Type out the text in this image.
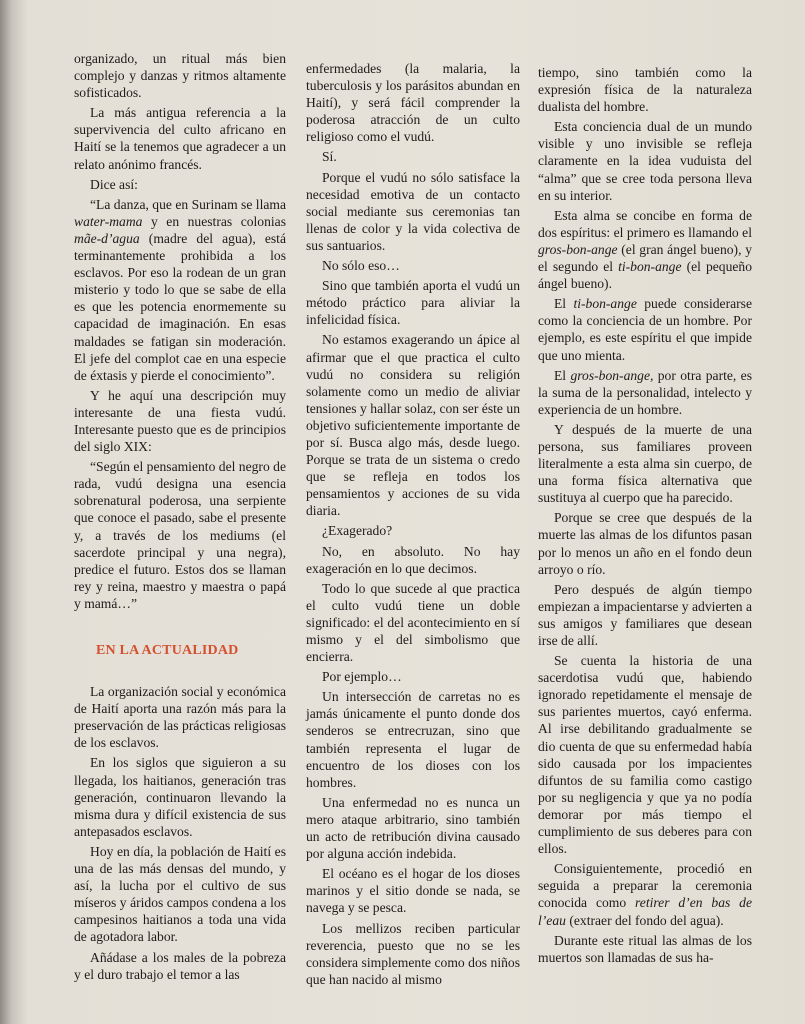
organizado, un ritual más bien complejo y danzas y ritmos altamente sofisticados.

La más antigua referencia a la supervivencia del culto africano en Haití se la tenemos que agradecer a un relato anónimo francés.

Dice así:

“La danza, que en Surinam se llama water-mama y en nuestras colonias mãe-d’agua (madre del agua), está terminantemente prohibida a los esclavos. Por eso la rodean de un gran misterio y todo lo que se sabe de ella es que les potencia enormemente su capacidad de imaginación. En esas maldades se fatigan sin moderación. El jefe del complot cae en una especie de éxtasis y pierde el conocimiento”.

Y he aquí una descripción muy interesante de una fiesta vudú. Interesante puesto que es de principios del siglo XIX:

“Según el pensamiento del negro de rada, vudú designa una esencia sobrenatural poderosa, una serpiente que conoce el pasado, sabe el presente y, a través de los mediums (el sacerdote principal y una negra), predice el futuro. Estos dos se llaman rey y reina, maestro y maestra o papá y mamá…”

EN LA ACTUALIDAD

La organización social y económica de Haití aporta una razón más para la preservación de las prácticas religiosas de los esclavos.

En los siglos que siguieron a su llegada, los haitianos, generación tras generación, continuaron llevando la misma dura y difícil existencia de sus antepasados esclavos.

Hoy en día, la población de Haití es una de las más densas del mundo, y así, la lucha por el cultivo de sus míseros y áridos campos condena a los campesinos haitianos a toda una vida de agotadora labor.

Añádase a los males de la pobreza y el duro trabajo el temor a las

enfermedades (la malaria, la tuberculosis y los parásitos abundan en Haití), y será fácil comprender la poderosa atracción de un culto religioso como el vudú.

Sí.

Porque el vudú no sólo satisface la necesidad emotiva de un contacto social mediante sus ceremonias tan llenas de color y la vida colectiva de sus santuarios.

No sólo eso…

Sino que también aporta el vudú un método práctico para aliviar la infelicidad física.

No estamos exagerando un ápice al afirmar que el que practica el culto vudú no considera su religión solamente como un medio de aliviar tensiones y hallar solaz, con ser éste un objetivo suficientemente importante de por sí. Busca algo más, desde luego. Porque se trata de un sistema o credo que se refleja en todos los pensamientos y acciones de su vida diaria.

¿Exagerado?

No, en absoluto. No hay exageración en lo que decimos.

Todo lo que sucede al que practica el culto vudú tiene un doble significado: el del acontecimiento en sí mismo y el del simbolismo que encierra.

Por ejemplo…

Un intersección de carretas no es jamás únicamente el punto donde dos senderos se entrecruzan, sino que también representa el lugar de encuentro de los dioses con los hombres.

Una enfermedad no es nunca un mero ataque arbitrario, sino también un acto de retribución divina causado por alguna acción indebida.

El océano es el hogar de los dioses marinos y el sitio donde se nada, se navega y se pesca.

Los mellizos reciben particular reverencia, puesto que no se les considera simplemente como dos niños que han nacido al mismo

tiempo, sino también como la expresión física de la naturaleza dualista del hombre.

Esta conciencia dual de un mundo visible y uno invisible se refleja claramente en la idea vuduista del “alma” que se cree toda persona lleva en su interior.

Esta alma se concibe en forma de dos espíritus: el primero es llamando el gros-bon-ange (el gran ángel bueno), y el segundo el ti-bon-ange (el pequeño ángel bueno).

El ti-bon-ange puede considerarse como la conciencia de un hombre. Por ejemplo, es este espíritu el que impide que uno mienta.

El gros-bon-ange, por otra parte, es la suma de la personalidad, intelecto y experiencia de un hombre.

Y después de la muerte de una persona, sus familiares proveen literalmente a esta alma sin cuerpo, de una forma física alternativa que sustituya al cuerpo que ha parecido.

Porque se cree que después de la muerte las almas de los difuntos pasan por lo menos un año en el fondo deun arroyo o río.

Pero después de algún tiempo empiezan a impacientarse y advierten a sus amigos y familiares que desean irse de allí.

Se cuenta la historia de una sacerdotisa vudú que, habiendo ignorado repetidamente el mensaje de sus parientes muertos, cayó enferma. Al irse debilitando gradualmente se dio cuenta de que su enfermedad había sido causada por los impacientes difuntos de su familia como castigo por su negligencia y que ya no podía demorar por más tiempo el cumplimiento de sus deberes para con ellos.

Consiguientemente, procedió en seguida a preparar la ceremonia conocida como retirer d’en bas de l’eau (extraer del fondo del agua).

Durante este ritual las almas de los muertos son llamadas de sus ha-
